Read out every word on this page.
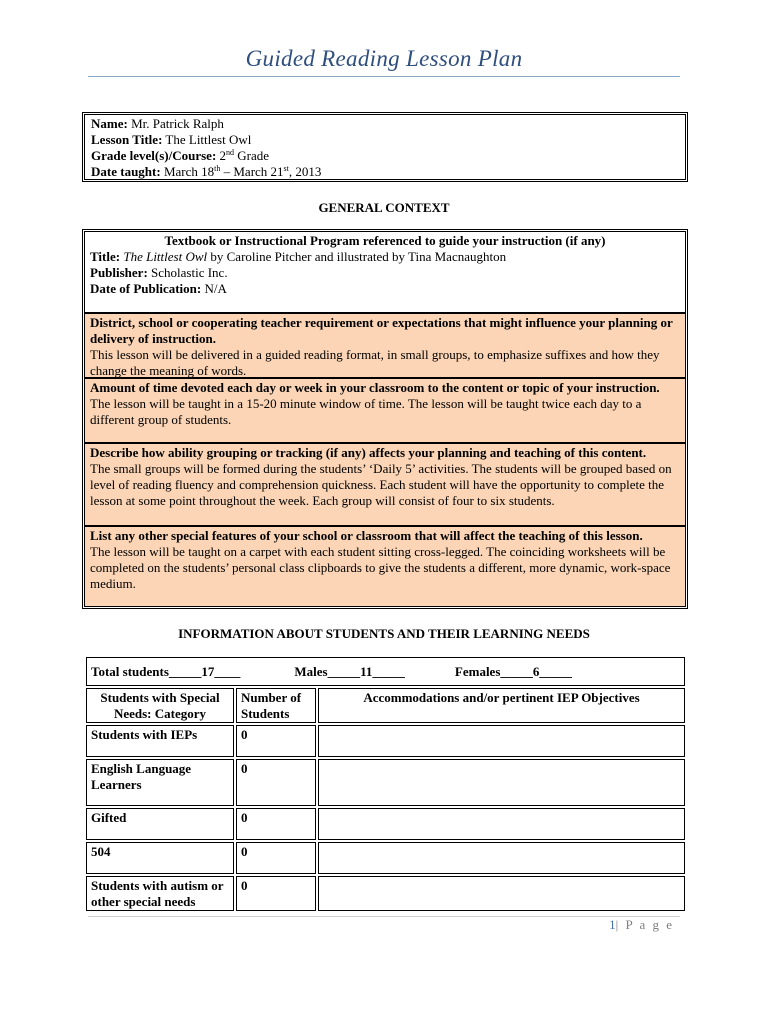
Guided Reading Lesson Plan
Name: Mr. Patrick Ralph
Lesson Title: The Littlest Owl
Grade level(s)/Course: 2nd Grade
Date taught: March 18th – March 21st, 2013
GENERAL CONTEXT
Textbook or Instructional Program referenced to guide your instruction (if any)
Title: The Littlest Owl by Caroline Pitcher and illustrated by Tina Macnaughton
Publisher: Scholastic Inc.
Date of Publication: N/A

District, school or cooperating teacher requirement or expectations that might influence your planning or delivery of instruction.

This lesson will be delivered in a guided reading format, in small groups, to emphasize suffixes and how they change the meaning of words.

Amount of time devoted each day or week in your classroom to the content or topic of your instruction.

The lesson will be taught in a 15-20 minute window of time. The lesson will be taught twice each day to a different group of students.

Describe how ability grouping or tracking (if any) affects your planning and teaching of this content.

The small groups will be formed during the students’ ‘Daily 5’ activities. The students will be grouped based on level of reading fluency and comprehension quickness. Each student will have the opportunity to complete the lesson at some point throughout the week. Each group will consist of four to six students.

List any other special features of your school or classroom that will affect the teaching of this lesson.

The lesson will be taught on a carpet with each student sitting cross-legged. The coinciding worksheets will be completed on the students’ personal class clipboards to give the students a different, more dynamic, work-space medium.

INFORMATION ABOUT STUDENTS AND THEIR LEARNING NEEDS
Total students_____17____ Males_____11_____ Females_____6_____		
Students with Special Needs: Category	Number of Students	Accommodations and/or pertinent IEP Objectives
Students with IEPs	0	
English Language Learners	0	
Gifted	0	
504	0	
Students with autism or other special needs	0	
1| P a g e
